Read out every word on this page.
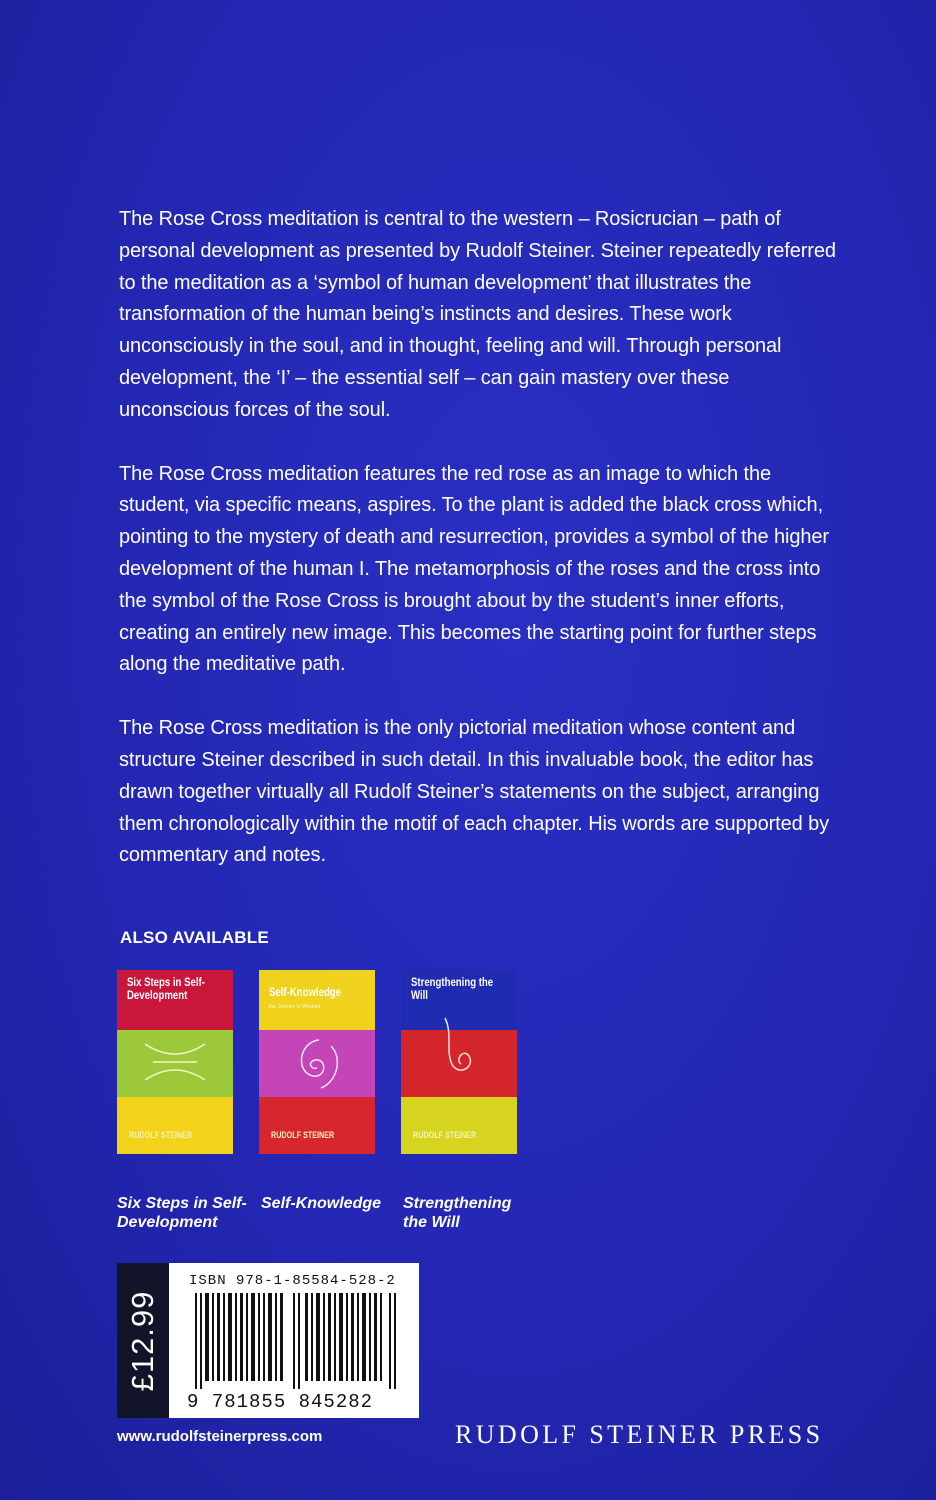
The Rose Cross meditation is central to the western – Rosicrucian – path of personal development as presented by Rudolf Steiner. Steiner repeatedly referred to the meditation as a ‘symbol of human development’ that illustrates the transformation of the human being’s instincts and desires. These work unconsciously in the soul, and in thought, feeling and will. Through personal development, the ‘I’ – the essential self – can gain mastery over these unconscious forces of the soul.

The Rose Cross meditation features the red rose as an image to which the student, via specific means, aspires. To the plant is added the black cross which, pointing to the mystery of death and resurrection, provides a symbol of the higher development of the human I. The metamorphosis of the roses and the cross into the symbol of the Rose Cross is brought about by the student’s inner efforts, creating an entirely new image. This becomes the starting point for further steps along the meditative path.

The Rose Cross meditation is the only pictorial meditation whose content and structure Steiner described in such detail. In this invaluable book, the editor has drawn together virtually all Rudolf Steiner’s statements on the subject, arranging them chronologically within the motif of each chapter. His words are supported by commentary and notes.

ALSO AVAILABLE
Six Steps in Self-Development
RUDOLF STEINER
Self-Knowledge
the Journey to Wisdom
RUDOLF STEINER
Strengthening the Will
RUDOLF STEINER
Six Steps in Self-Development
Self-Knowledge	Strengthening the Will
£12.99
ISBN 978-1-85584-528-2
9 781855 845282
www.rudolfsteinerpress.com	RUDOLF STEINER PRESS
